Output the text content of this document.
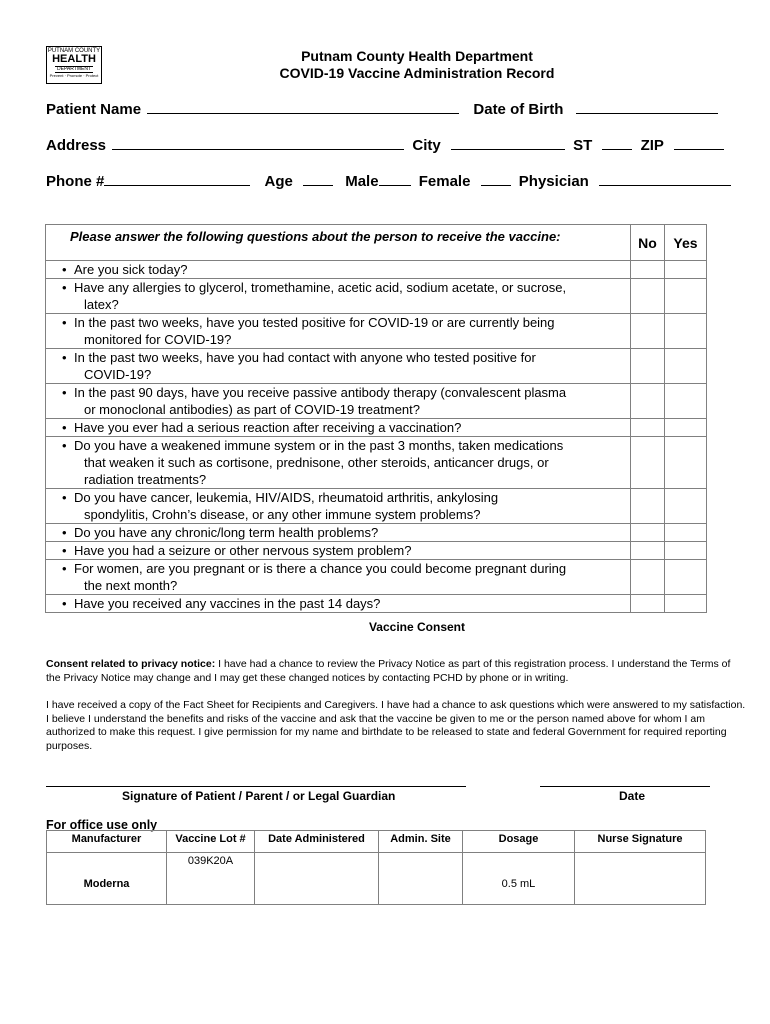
PUTNAM COUNTY
HEALTH
DEPARTMENT
Prevent · Promote · Protect
Putnam County Health Department
COVID-19 Vaccine Administration Record
Patient Name	Date of Birth
Address	City	ST	ZIP
Phone #	Age	Male	Female	Physician
Please answer the following questions about the person to receive the vaccine:	No	Yes

• Are you sick today?

• Have any allergies to glycerol, tromethamine, acetic acid, sodium acetate, or sucrose,
latex?

• In the past two weeks, have you tested positive for COVID-19 or are currently being
monitored for COVID-19?

• In the past two weeks, have you had contact with anyone who tested positive for
COVID-19?

• In the past 90 days, have you receive passive antibody therapy (convalescent plasma
or monoclonal antibodies) as part of COVID-19 treatment?

• Have you ever had a serious reaction after receiving a vaccination?

• Do you have a weakened immune system or in the past 3 months, taken medications
that weaken it such as cortisone, prednisone, other steroids, anticancer drugs, or
radiation treatments?

• Do you have cancer, leukemia, HIV/AIDS, rheumatoid arthritis, ankylosing
spondylitis, Crohn’s disease, or any other immune system problems?

• Do you have any chronic/long term health problems?

• Have you had a seizure or other nervous system problem?

• For women, are you pregnant or is there a chance you could become pregnant during
the next month?

• Have you received any vaccines in the past 14 days?

Vaccine Consent
Consent related to privacy notice: I have had a chance to review the Privacy Notice as part of this registration process. I understand the Terms of the Privacy Notice may change and I may get these changed notices by contacting PCHD by phone or in writing.
I have received a copy of the Fact Sheet for Recipients and Caregivers. I have had a chance to ask questions which were answered to my satisfaction. I believe I understand the benefits and risks of the vaccine and ask that the vaccine be given to me or the person named above for whom I am authorized to make this request. I give permission for my name and birthdate to be released to state and federal Government for required reporting purposes.
Signature of Patient / Parent / or Legal Guardian	Date
For office use only
Manufacturer	Vaccine Lot #	Date Administered	Admin. Site	Dosage	Nurse Signature
Moderna	039K20A			0.5 mL	
